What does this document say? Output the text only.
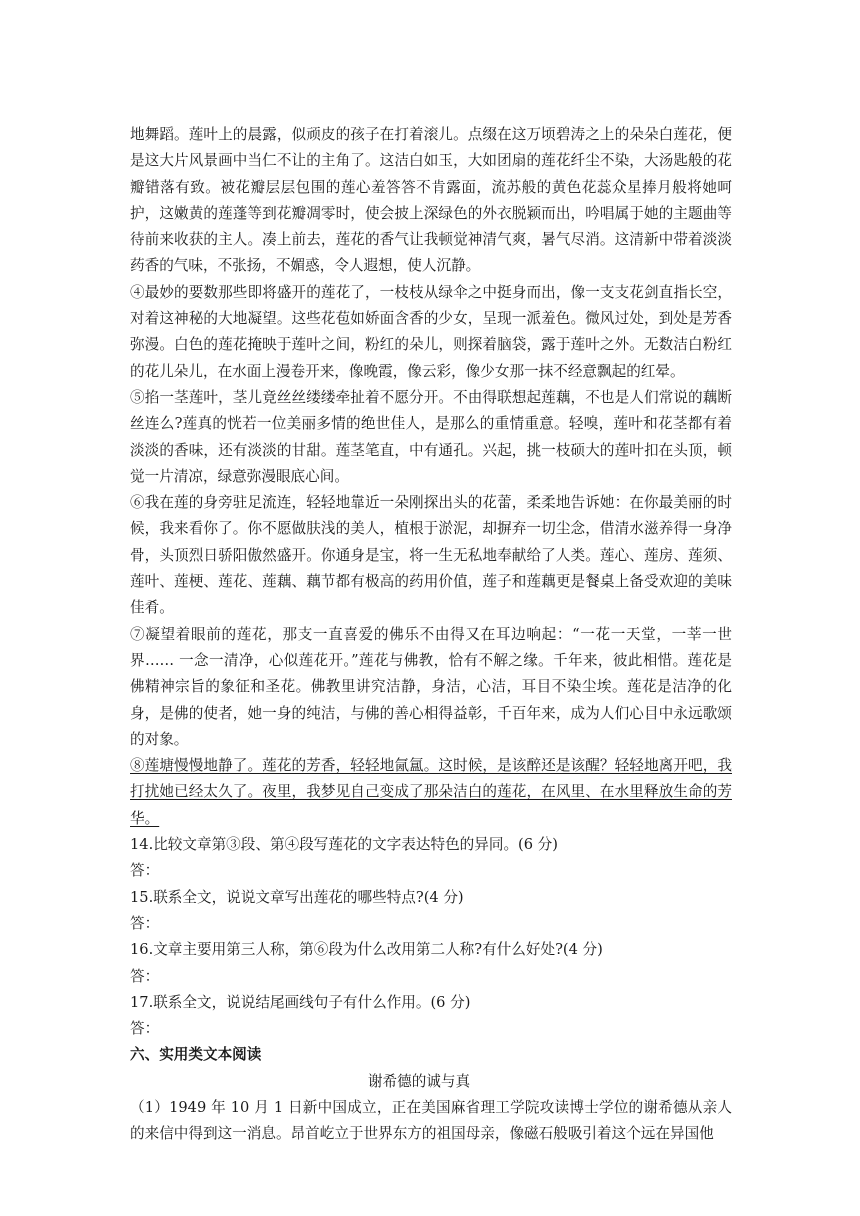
地舞蹈。莲叶上的晨露，似顽皮的孩子在打着滚儿。点缀在这万顷碧涛之上的朵朵白莲花，便是这大片风景画中当仁不让的主角了。这洁白如玉，大如团扇的莲花纤尘不染，大汤匙般的花瓣错落有致。被花瓣层层包围的莲心羞答答不肯露面，流苏般的黄色花蕊众星捧月般将她呵护，这嫩黄的莲蓬等到花瓣凋零时，使会披上深绿色的外衣脱颖而出，吟唱属于她的主题曲等待前来收获的主人。凑上前去，莲花的香气让我顿觉神清气爽，暑气尽消。这清新中带着淡淡药香的气味，不张扬，不媚惑，令人遐想，使人沉静。

④最妙的要数那些即将盛开的莲花了，一枝枝从绿伞之中挺身而出，像一支支花剑直指长空，对着这神秘的大地凝望。这些花苞如娇面含香的少女，呈现一派羞色。微风过处，到处是芳香弥漫。白色的莲花掩映于莲叶之间，粉红的朵儿，则探着脑袋，露于莲叶之外。无数洁白粉红的花儿朵儿，在水面上漫卷开来，像晚霞，像云彩，像少女那一抹不经意飘起的红晕。

⑤掐一茎莲叶，茎儿竟丝丝缕缕牵扯着不愿分开。不由得联想起莲藕，不也是人们常说的藕断丝连么?莲真的恍若一位美丽多情的绝世佳人，是那么的重情重意。轻嗅，莲叶和花茎都有着淡淡的香味，还有淡淡的甘甜。莲茎笔直，中有通孔。兴起，挑一枝硕大的莲叶扣在头顶，顿觉一片清凉，绿意弥漫眼底心间。

⑥我在莲的身旁驻足流连，轻轻地靠近一朵刚探出头的花蕾，柔柔地告诉她：在你最美丽的时候，我来看你了。你不愿做肤浅的美人，植根于淤泥，却摒弃一切尘念，借清水滋养得一身净骨，头顶烈日骄阳傲然盛开。你通身是宝，将一生无私地奉献给了人类。莲心、莲房、莲须、莲叶、莲梗、莲花、莲藕、藕节都有极高的药用价值，莲子和莲藕更是餐桌上备受欢迎的美味佳肴。

⑦凝望着眼前的莲花，那支一直喜爱的佛乐不由得又在耳边响起：“一花一天堂，一莘一世界…… 一念一清净，心似莲花开。”莲花与佛教，恰有不解之缘。千年来，彼此相惜。莲花是佛精神宗旨的象征和圣花。佛教里讲究洁静，身洁，心洁，耳目不染尘埃。莲花是洁净的化身，是佛的使者，她一身的纯洁，与佛的善心相得益彰，千百年来，成为人们心目中永远歌颂的对象。

⑧莲塘慢慢地静了。莲花的芳香，轻轻地氤氲。这时候，是该醉还是该醒？轻轻地离开吧，我打扰她已经太久了。夜里，我梦见自己变成了那朵洁白的莲花，在风里、在水里释放生命的芳华。

14.比较文章第③段、第④段写莲花的文字表达特色的异同。(6 分)

答：

15.联系全文，说说文章写出莲花的哪些特点?(4 分)

答：

16.文章主要用第三人称，第⑥段为什么改用第二人称?有什么好处?(4 分)

答：

17.联系全文，说说结尾画线句子有什么作用。(6 分)

答：

六、实用类文本阅读

谢希德的诚与真

（1）1949 年 10 月 1 日新中国成立，正在美国麻省理工学院攻读博士学位的谢希德从亲人的来信中得到这一消息。昂首屹立于世界东方的祖国母亲，像磁石般吸引着这个远在异国他
